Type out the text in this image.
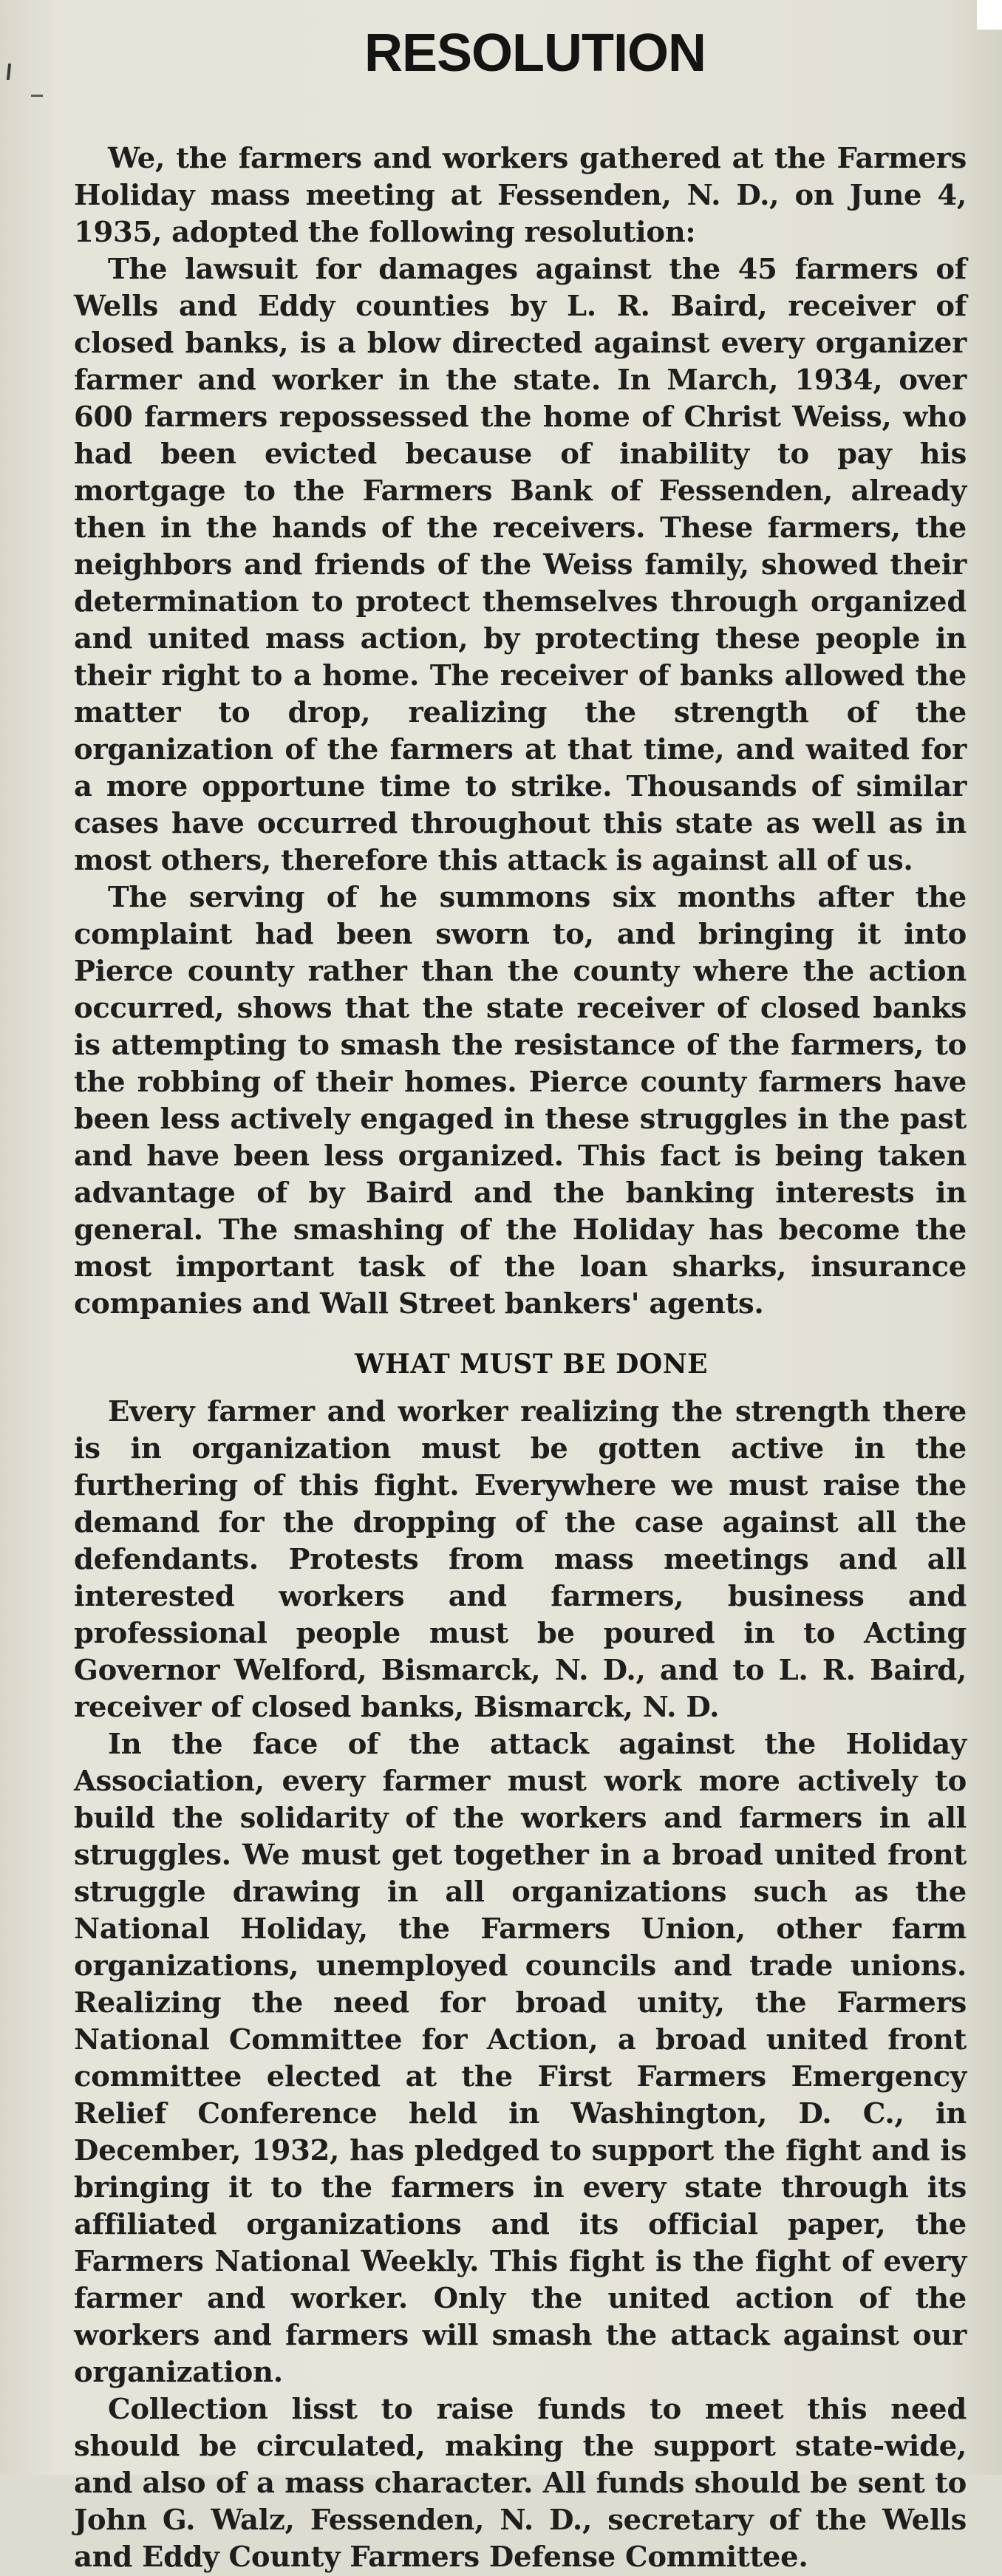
RESOLUTION

We, the farmers and workers gathered at the Farmers Holiday mass meeting at Fessenden, N. D., on June 4, 1935, adopted the following resolution:

The lawsuit for damages against the 45 farmers of Wells and Eddy counties by L. R. Baird, receiver of closed banks, is a blow directed against every organizer farmer and worker in the state. In March, 1934, over 600 farmers repossessed the home of Christ Weiss, who had been evicted because of inability to pay his mortgage to the Farmers Bank of Fessenden, already then in the hands of the receivers. These farmers, the neighbors and friends of the Weiss family, showed their determination to protect themselves through organized and united mass action, by protecting these people in their right to a home. The receiver of banks allowed the matter to drop, realizing the strength of the organization of the farmers at that time, and waited for a more opportune time to strike. Thousands of similar cases have occurred throughout this state as well as in most others, therefore this attack is against all of us.

The serving of he summons six months after the complaint had been sworn to, and bringing it into Pierce county rather than the county where the action occurred, shows that the state receiver of closed banks is attempting to smash the resistance of the farmers, to the robbing of their homes. Pierce county farmers have been less actively engaged in these struggles in the past and have been less organized. This fact is being taken advantage of by Baird and the banking interests in general. The smashing of the Holiday has become the most important task of the loan sharks, insurance companies and Wall Street bankers' agents.

WHAT MUST BE DONE

Every farmer and worker realizing the strength there is in organization must be gotten active in the furthering of this fight. Everywhere we must raise the demand for the dropping of the case against all the defendants. Protests from mass meetings and all interested workers and farmers, business and professional people must be poured in to Acting Governor Welford, Bismarck, N. D., and to L. R. Baird, receiver of closed banks, Bismarck, N. D.

In the face of the attack against the Holiday Association, every farmer must work more actively to build the solidarity of the workers and farmers in all struggles. We must get together in a broad united front struggle drawing in all organizations such as the National Holiday, the Farmers Union, other farm organizations, unemployed councils and trade unions. Realizing the need for broad unity, the Farmers National Committee for Action, a broad united front committee elected at the First Farmers Emergency Relief Conference held in Washington, D. C., in December, 1932, has pledged to support the fight and is bringing it to the farmers in every state through its affiliated organizations and its official paper, the Farmers National Weekly. This fight is the fight of every farmer and worker. Only the united action of the workers and farmers will smash the attack against our organization.

Collection lisst to raise funds to meet this need should be circulated, making the support state-wide, and also of a mass character. All funds should be sent to John G. Walz, Fessenden, N. D., secretary of the Wells and Eddy County Farmers Defense Committee.
